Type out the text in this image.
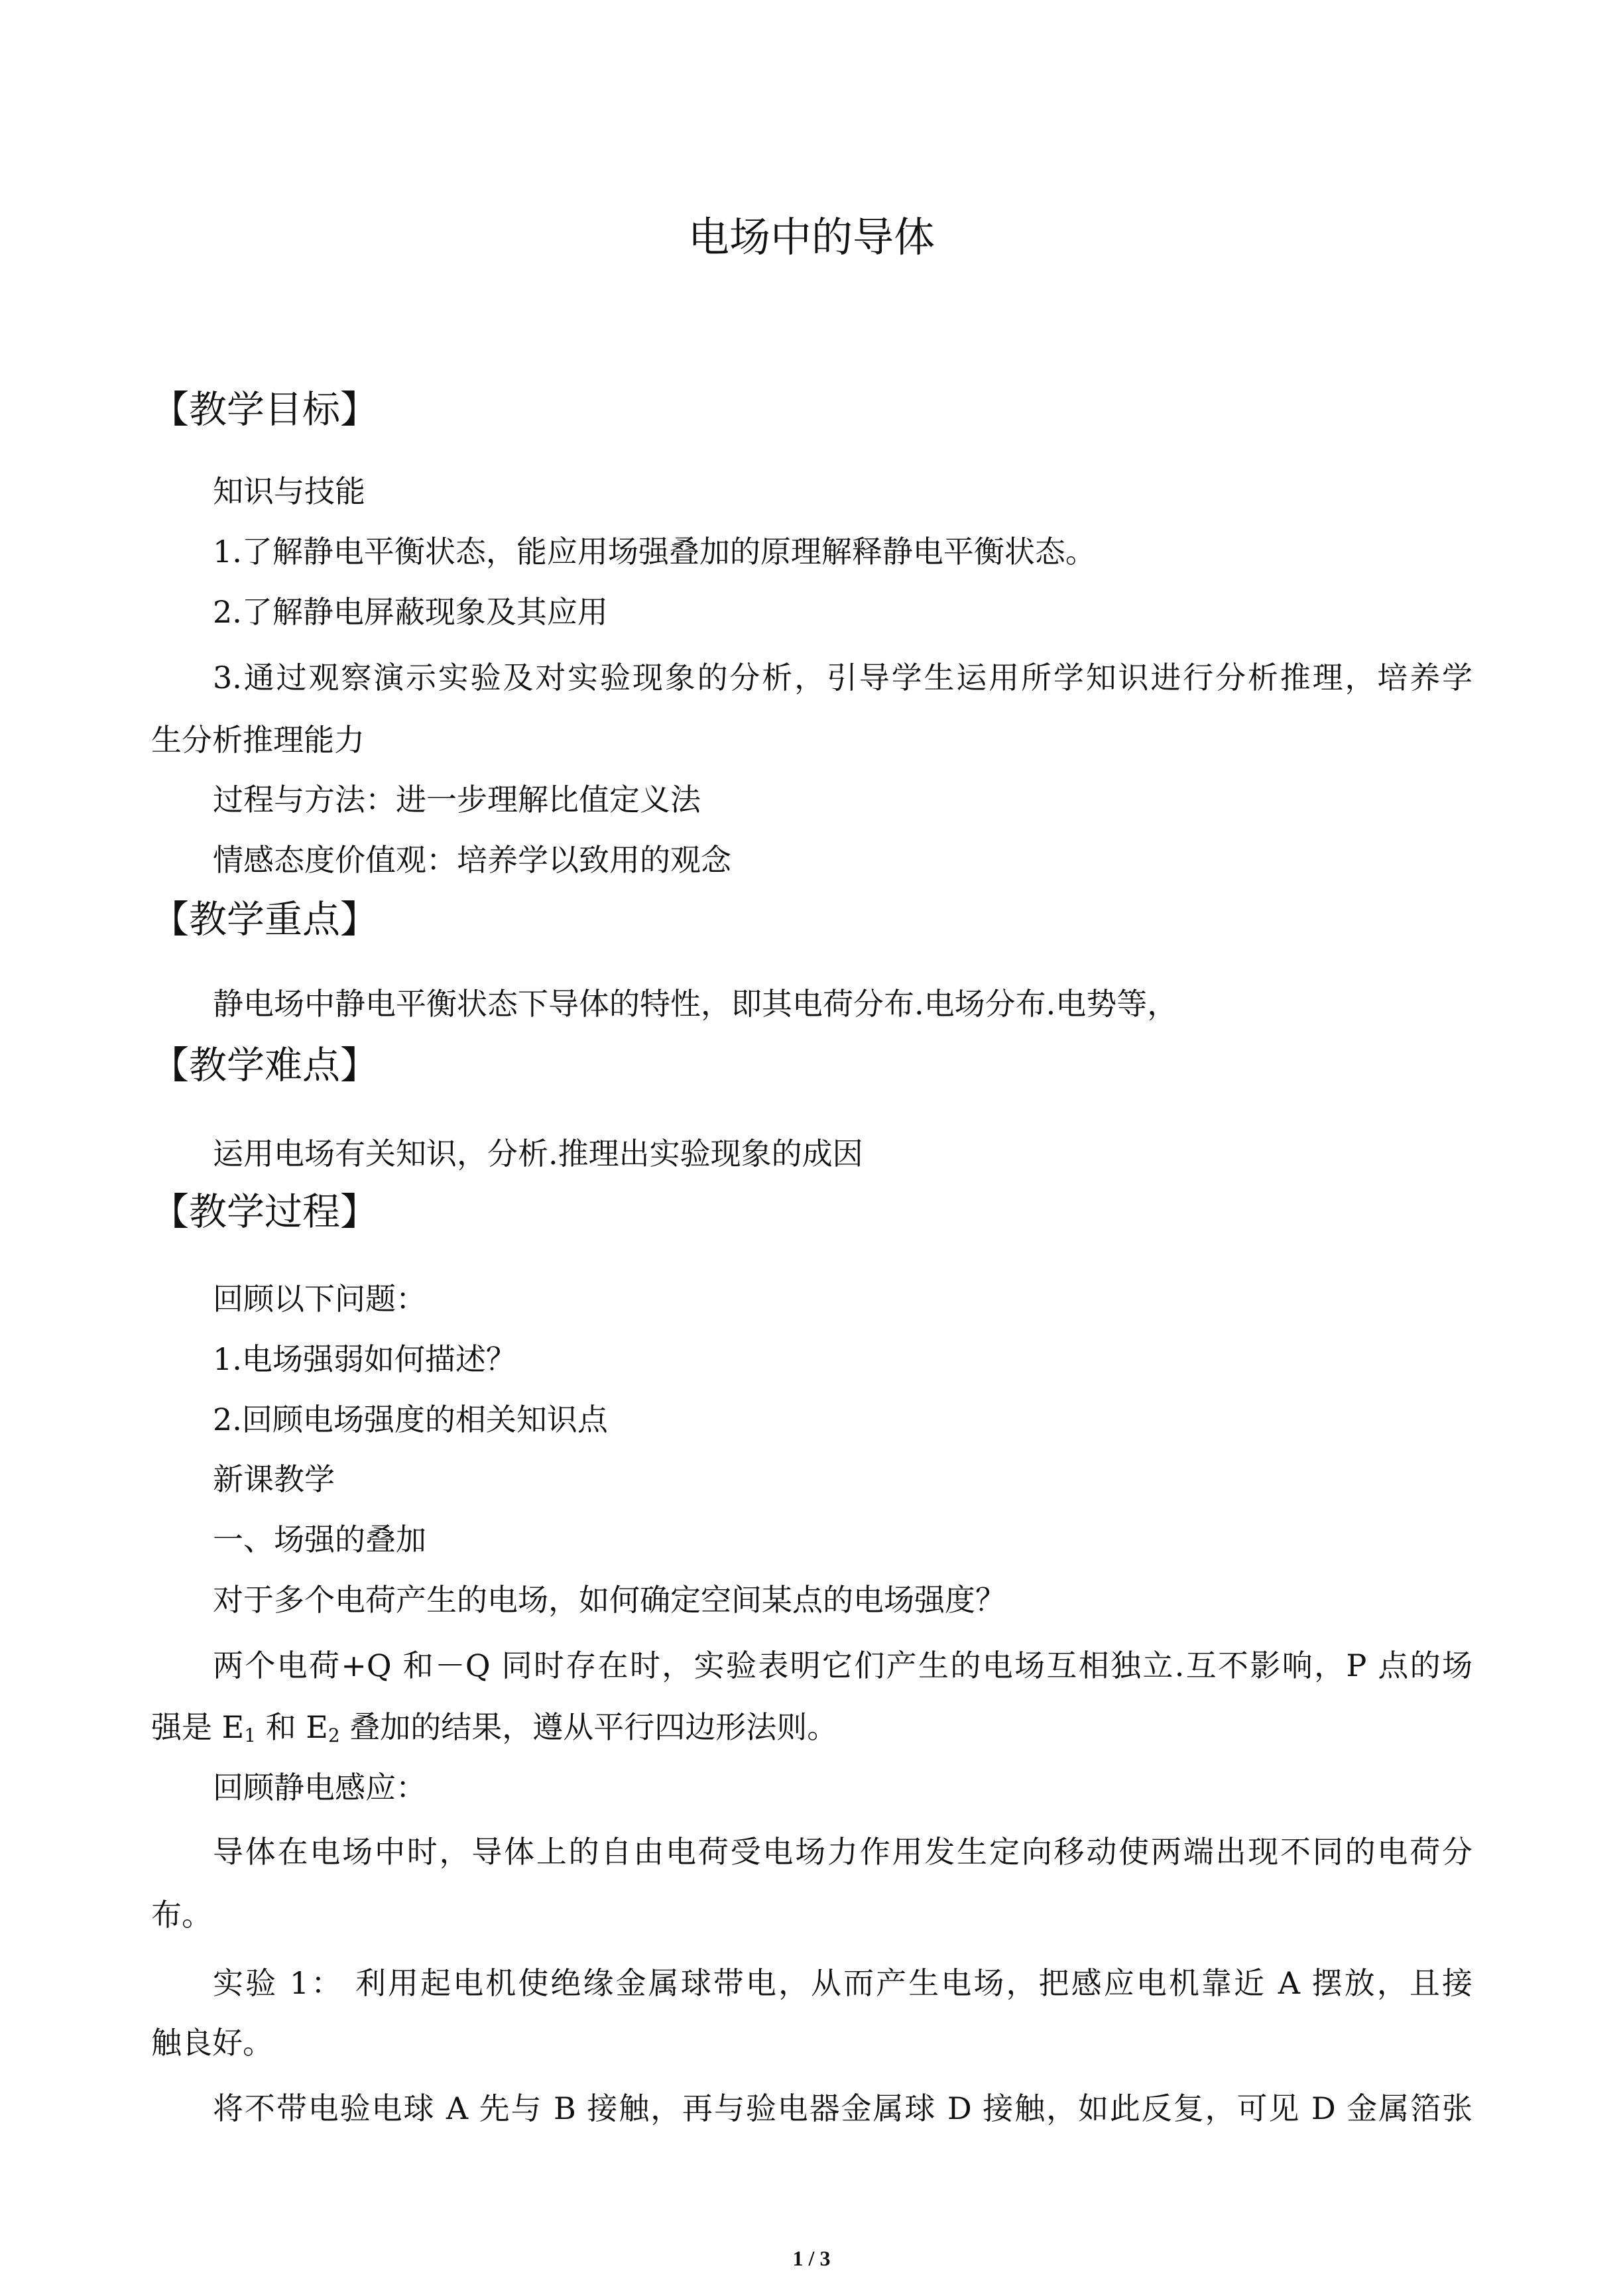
电场中的导体
【教学目标】
知识与技能
1.了解静电平衡状态，能应用场强叠加的原理解释静电平衡状态。
2.了解静电屏蔽现象及其应用
3.通过观察演示实验及对实验现象的分析，引导学生运用所学知识进行分析推理，培养学
生分析推理能力
过程与方法：进一步理解比值定义法
情感态度价值观：培养学以致用的观念
【教学重点】
静电场中静电平衡状态下导体的特性，即其电荷分布.电场分布.电势等，
【教学难点】
运用电场有关知识，分析.推理出实验现象的成因
【教学过程】
回顾以下问题：
1.电场强弱如何描述？
2.回顾电场强度的相关知识点
新课教学
一、场强的叠加
对于多个电荷产生的电场，如何确定空间某点的电场强度？
两个电荷+Q 和－Q 同时存在时，实验表明它们产生的电场互相独立.互不影响，P 点的场
强是 $E_1$ 和 $E_2$ 叠加的结果，遵从平行四边形法则。
回顾静电感应：
导体在电场中时，导体上的自由电荷受电场力作用发生定向移动使两端出现不同的电荷分
布。
实验 1： 利用起电机使绝缘金属球带电，从而产生电场，把感应电机靠近 A 摆放，且接
触良好。
将不带电验电球 A 先与 B 接触，再与验电器金属球 D 接触，如此反复，可见 D 金属箔张
1 / 3
